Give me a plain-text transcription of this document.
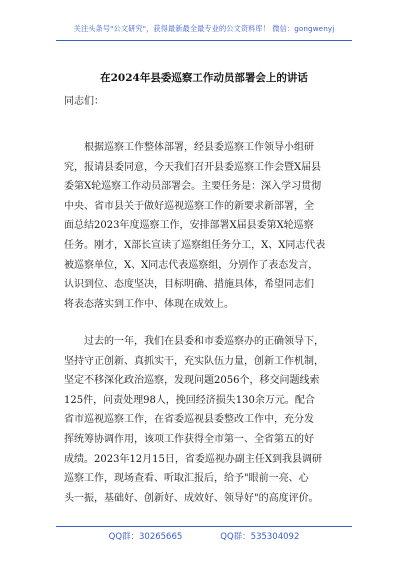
关注头条号"公文研究"，获得最新最全最专业的公文资料库！ 微信：gongwenyj
在2024年县委巡察工作动员部署会上的讲话
同志们：
　　根据巡察工作整体部署，经县委巡察工作领导小组研
究，报请县委同意，今天我们召开县委巡察工作会暨X届县
委第X轮巡察工作动员部署会。主要任务是：深入学习贯彻
中央、省市县关于做好巡视巡察工作的新要求新部署，全
面总结2023年度巡察工作，安排部署X届县委第X轮巡察
任务。刚才，X部长宣读了巡察组任务分工，X、X同志代表
被巡察单位，X、X同志代表巡察组，分别作了表态发言，
认识到位、态度坚决，目标明确、措施具体，希望同志们
将表态落实到工作中、体现在成效上。
　　过去的一年，我们在县委和市委巡察办的正确领导下，
坚持守正创新、真抓实干，充实队伍力量，创新工作机制，
坚定不移深化政治巡察，发现问题2056个，移交问题线索
125件，问责处理98人，挽回经济损失130余万元。配合
省市巡视巡察工作，在省委巡视县委整改工作中，充分发
挥统筹协调作用，该项工作获得全市第一、全省第五的好
成绩。2023年12月15日，省委巡视办副主任X到我县调研
巡察工作，现场查看、听取汇报后，给予"眼前一亮、心
头一振，基础好、创新好、成效好、领导好"的高度评价。
QQ群：30265665	QQ群：535304092
